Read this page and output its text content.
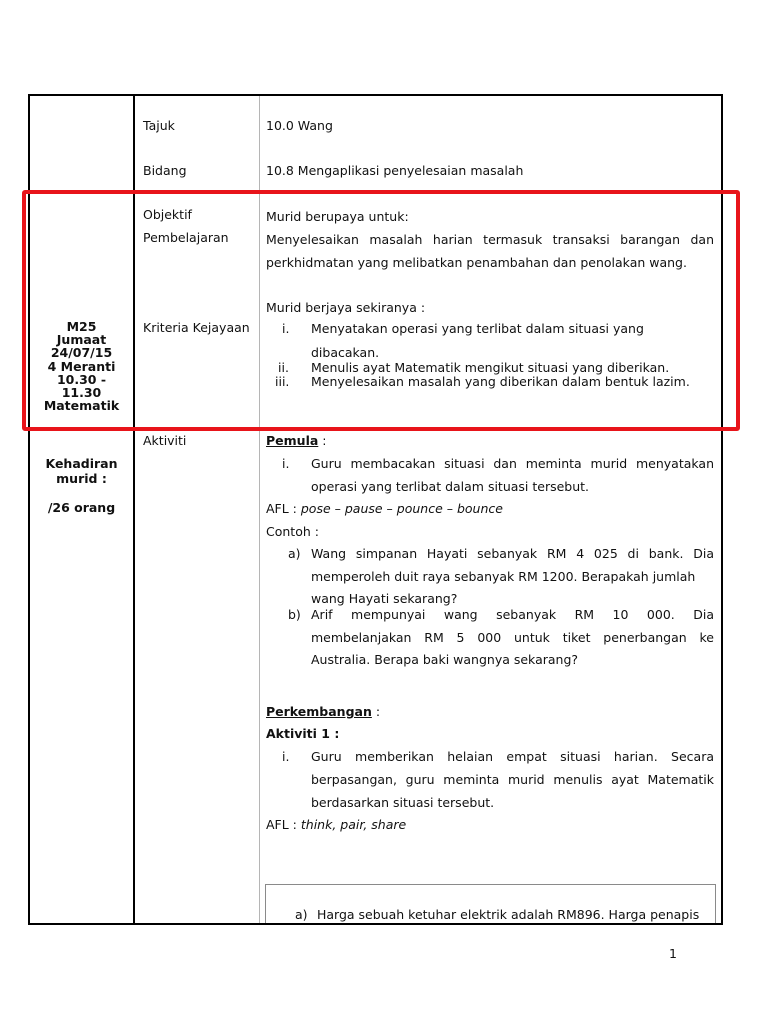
M25
Jumaat
24/07/15
4 Meranti
10.30 -
11.30
Matematik
Kehadiran
murid :
/26 orang
Tajuk
Bidang
Objektif
Pembelajaran
Kriteria Kejayaan
Aktiviti
10.0 Wang
10.8 Mengaplikasi penyelesaian masalah
Murid berupaya untuk:
Menyelesaikan masalah harian termasuk transaksi barangan dan
perkhidmatan yang melibatkan penambahan dan penolakan wang.
Murid berjaya sekiranya :
i. Menyatakan operasi yang terlibat dalam situasi yang
dibacakan.
ii. Menulis ayat Matematik mengikut situasi yang diberikan.
iii. Menyelesaikan masalah yang diberikan dalam bentuk lazim.
Pemula :
i. Guru membacakan situasi dan meminta murid menyatakan
operasi yang terlibat dalam situasi tersebut.
AFL : pose – pause – pounce – bounce
Contoh :
a) Wang simpanan Hayati sebanyak RM 4 025 di bank. Dia
memperoleh duit raya sebanyak RM 1200. Berapakah jumlah
wang Hayati sekarang?
b) Arif mempunyai wang sebanyak RM 10 000. Dia
membelanjakan RM 5 000 untuk tiket penerbangan ke
Australia. Berapa baki wangnya sekarang?
Perkembangan :
Aktiviti 1 :
i. Guru memberikan helaian empat situasi harian. Secara
berpasangan, guru meminta murid menulis ayat Matematik
berdasarkan situasi tersebut.
AFL : think, pair, share
a) Harga sebuah ketuhar elektrik adalah RM896. Harga penapis
1
